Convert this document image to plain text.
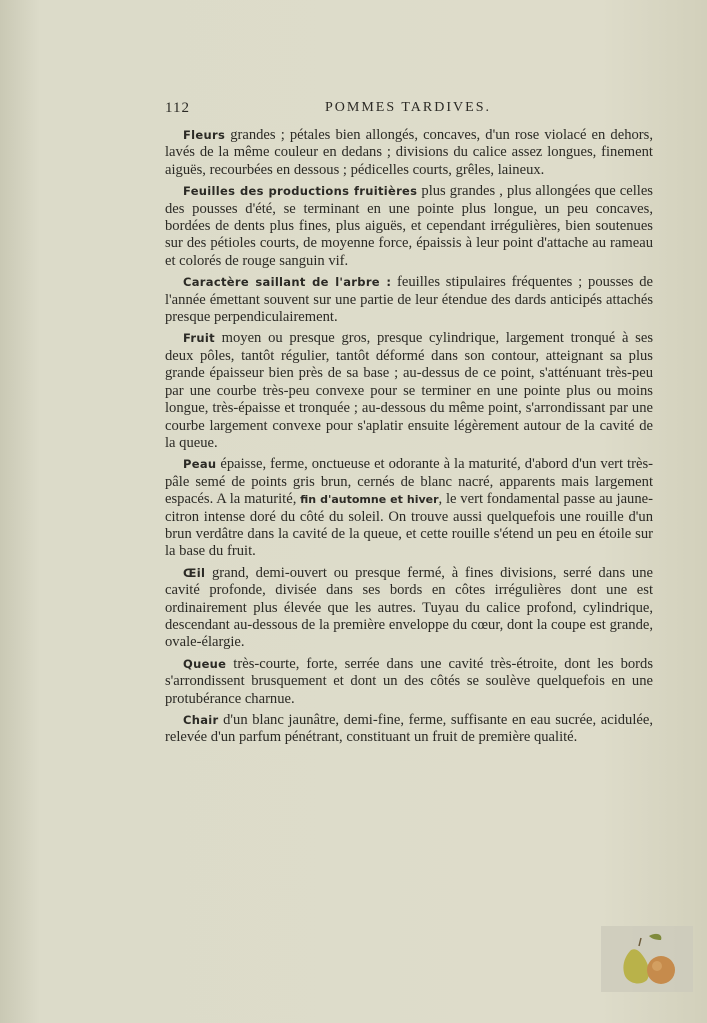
112	POMMES TARDIVES.

Fleurs grandes ; pétales bien allongés, concaves, d'un rose violacé en dehors, lavés de la même couleur en dedans ; divisions du calice assez longues, finement aiguës, recourbées en dessous ; pédicelles courts, grêles, laineux.

Feuilles des productions fruitières plus grandes , plus allongées que celles des pousses d'été, se terminant en une pointe plus longue, un peu concaves, bordées de dents plus fines, plus aiguës, et cependant irrégulières, bien soutenues sur des pétioles courts, de moyenne force, épaissis à leur point d'attache au rameau et colorés de rouge sanguin vif.

Caractère saillant de l'arbre : feuilles stipulaires fréquentes ; pousses de l'année émettant souvent sur une partie de leur étendue des dards anticipés attachés presque perpendiculairement.

Fruit moyen ou presque gros, presque cylindrique, largement tronqué à ses deux pôles, tantôt régulier, tantôt déformé dans son contour, atteignant sa plus grande épaisseur bien près de sa base ; au-dessus de ce point, s'atténuant très-peu par une courbe très-peu convexe pour se terminer en une pointe plus ou moins longue, très-épaisse et tronquée ; au-dessous du même point, s'arrondissant par une courbe largement convexe pour s'aplatir ensuite légèrement autour de la cavité de la queue.

Peau épaisse, ferme, onctueuse et odorante à la maturité, d'abord d'un vert très-pâle semé de points gris brun, cernés de blanc nacré, apparents mais largement espacés. A la maturité, fin d'automne et hiver, le vert fondamental passe au jaune-citron intense doré du côté du soleil. On trouve aussi quelquefois une rouille d'un brun verdâtre dans la cavité de la queue, et cette rouille s'étend un peu en étoile sur la base du fruit.

Œil grand, demi-ouvert ou presque fermé, à fines divisions, serré dans une cavité profonde, divisée dans ses bords en côtes irrégulières dont une est ordinairement plus élevée que les autres. Tuyau du calice profond, cylindrique, descendant au-dessous de la première enveloppe du cœur, dont la coupe est grande, ovale-élargie.

Queue très-courte, forte, serrée dans une cavité très-étroite, dont les bords s'arrondissent brusquement et dont un des côtés se soulève quelquefois en une protubérance charnue.

Chair d'un blanc jaunâtre, demi-fine, ferme, suffisante en eau sucrée, acidulée, relevée d'un parfum pénétrant, constituant un fruit de première qualité.
